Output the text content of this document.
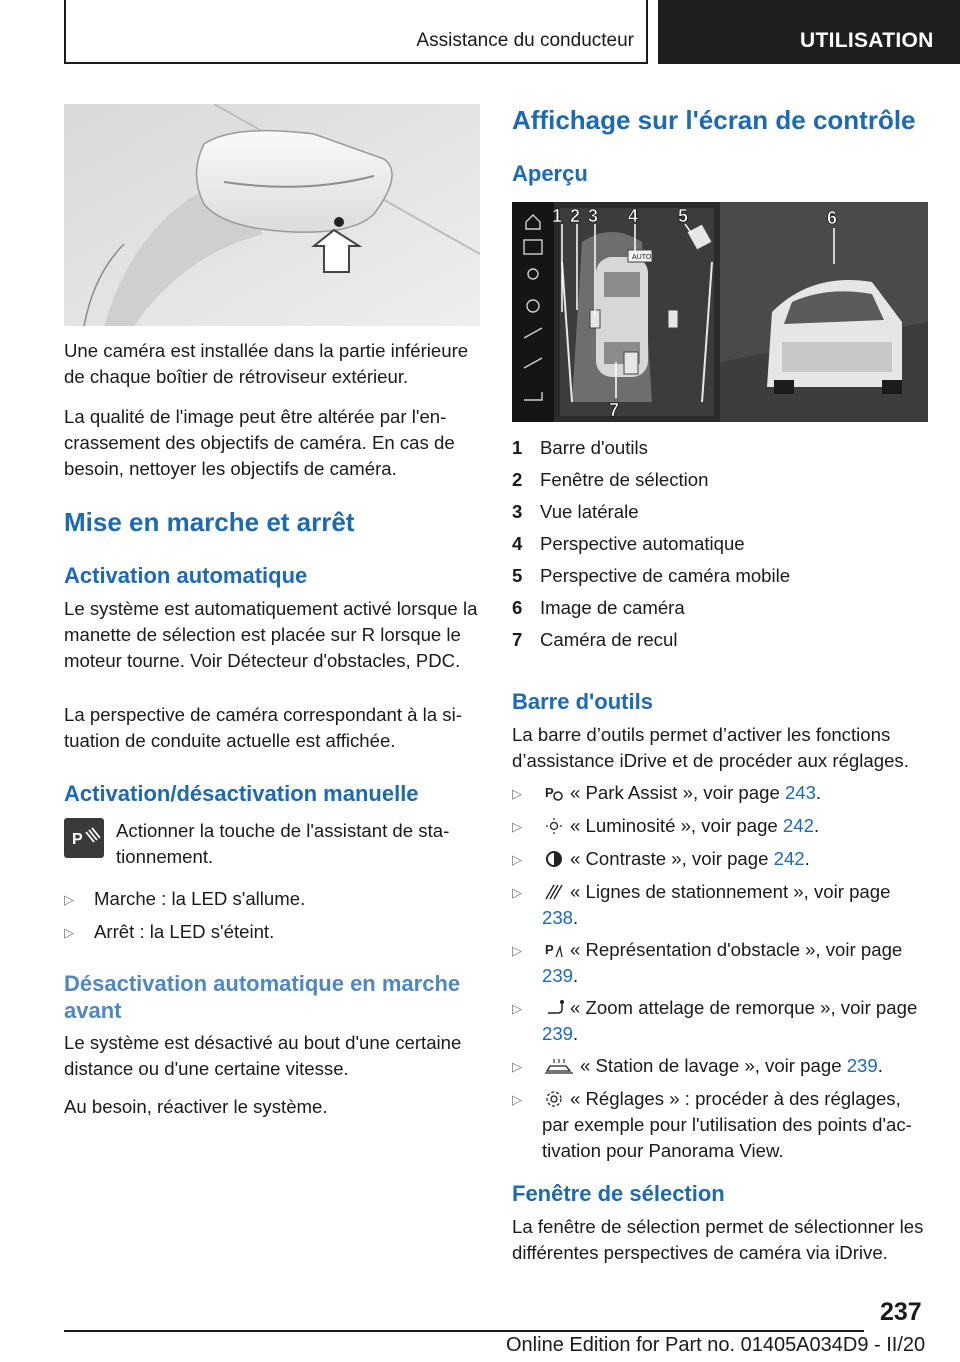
Assistance du conducteur	UTILISATION

Une caméra est installée dans la partie inférieure de chaque boîtier de rétroviseur extérieur.

La qualité de l'image peut être altérée par l'en-crassement des objectifs de caméra. En cas de besoin, nettoyer les objectifs de caméra.

Mise en marche et arrêt
Activation automatique

Le système est automatiquement activé lorsque la manette de sélection est placée sur R lorsque le moteur tourne. Voir Détecteur d'obstacles, PDC.

La perspective de caméra correspondant à la si-tuation de conduite actuelle est affichée.

Activation/désactivation manuelle
P Actionner la touche de l'assistant de sta-tionnement.

▷	Marche : la LED s'allume.
▷	Arrêt : la LED s'éteint.
Désactivation automatique en marche avant

Le système est désactivé au bout d'une certaine distance ou d'une certaine vitesse.

Au besoin, réactiver le système.

Affichage sur l'écran de contrôle
Aperçu
AUTO
1 2 3 4 5	6
7
1 Barre d'outils
2 Fenêtre de sélection
3 Vue latérale
4 Perspective automatique
5 Perspective de caméra mobile
6 Image de caméra
7 Caméra de recul
Barre d'outils

La barre d’outils permet d’activer les fonctions d’assistance iDrive et de procéder aux réglages.

▷	P « Park Assist », voir page 243.
▷	« Luminosité », voir page 242.
▷	« Contraste », voir page 242.
▷	« Lignes de stationnement », voir page 238.
▷	P « Représentation d'obstacle », voir page 239.
▷	« Zoom attelage de remorque », voir page 239.
▷	« Station de lavage », voir page 239.
▷	« Réglages » : procéder à des réglages, par exemple pour l'utilisation des points d'ac-tivation pour Panorama View.
Fenêtre de sélection

La fenêtre de sélection permet de sélectionner les différentes perspectives de caméra via iDrive.

237
Online Edition for Part no. 01405A034D9 - II/20
